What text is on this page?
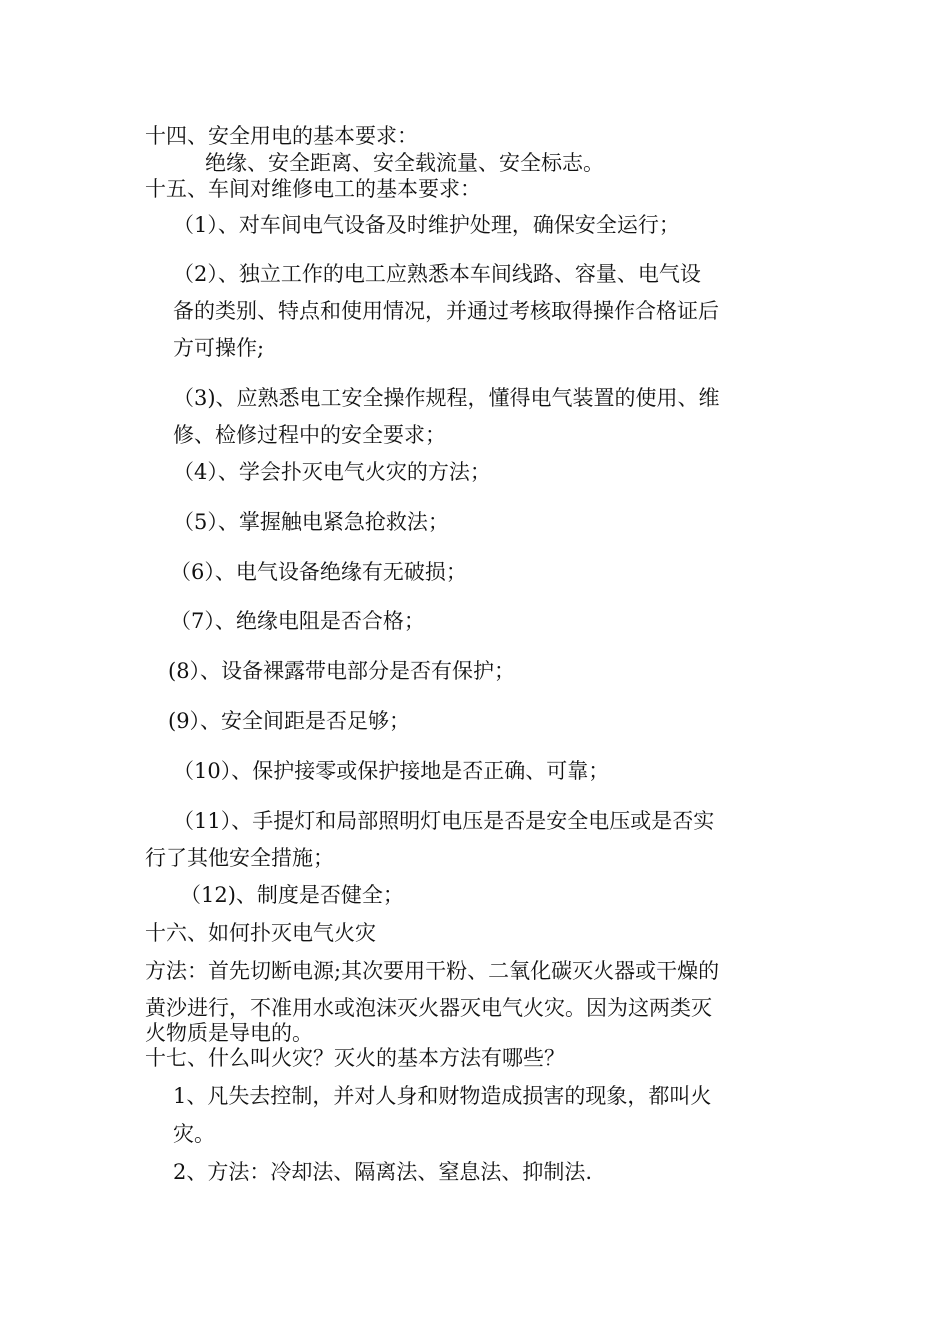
十四、安全用电的基本要求：
绝缘、安全距离、安全载流量、安全标志。
十五、车间对维修电工的基本要求：
（1）、对车间电气设备及时维护处理，确保安全运行；
（2）、独立工作的电工应熟悉本车间线路、容量、电气设
备的类别、特点和使用情况，并通过考核取得操作合格证后
方可操作;
（3)、应熟悉电工安全操作规程，懂得电气装置的使用、维
修、检修过程中的安全要求；
（4）、学会扑灭电气火灾的方法；
（5）、掌握触电紧急抢救法；
（6）、电气设备绝缘有无破损；
（7）、绝缘电阻是否合格；
(8）、设备裸露带电部分是否有保护；
(9）、安全间距是否足够；
（10）、保护接零或保护接地是否正确、可靠；
（11）、手提灯和局部照明灯电压是否是安全电压或是否实
行了其他安全措施；
（12)、制度是否健全；
十六、如何扑灭电气火灾
方法：首先切断电源;其次要用干粉、二氧化碳灭火器或干燥的
黄沙进行，不准用水或泡沫灭火器灭电气火灾。因为这两类灭
火物质是导电的。
十七、什么叫火灾？灭火的基本方法有哪些？
1、凡失去控制，并对人身和财物造成损害的现象，都叫火
灾。
2、方法：冷却法、隔离法、窒息法、抑制法.
